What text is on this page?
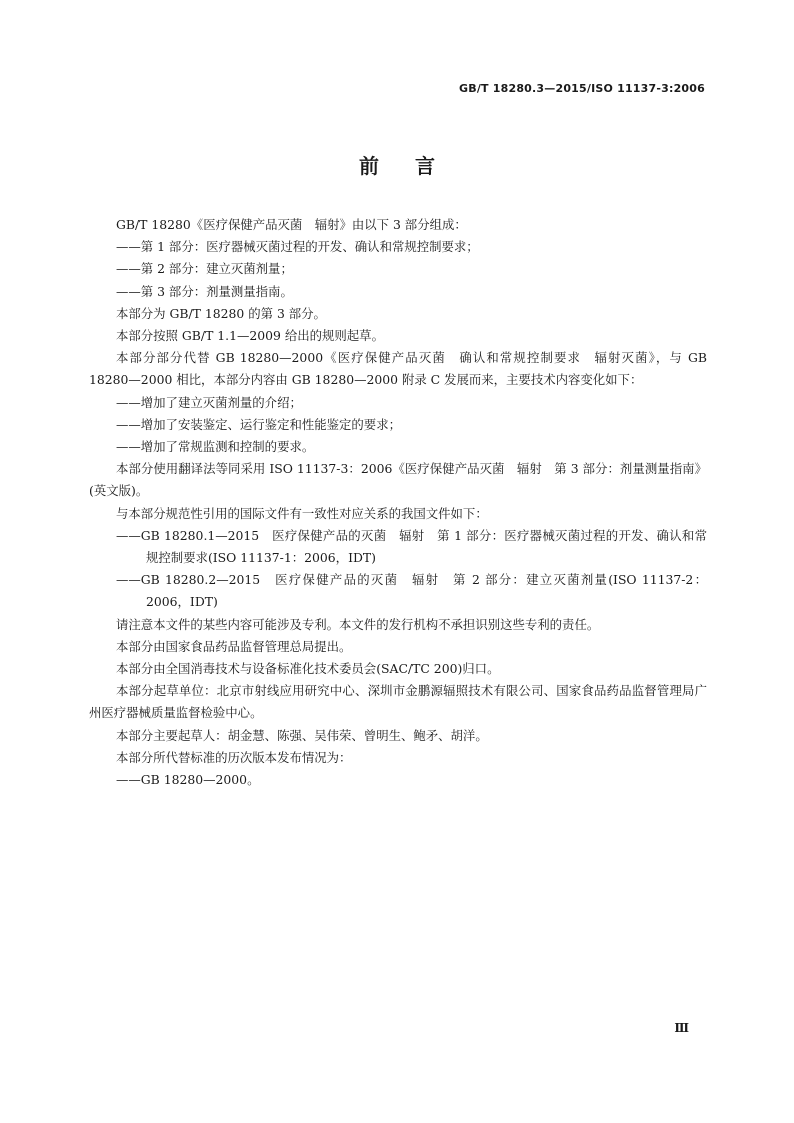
GB/T 18280.3—2015/ISO 11137-3:2006
前言

GB/T 18280《医疗保健产品灭菌　辐射》由以下 3 部分组成：

——第 1 部分：医疗器械灭菌过程的开发、确认和常规控制要求；

——第 2 部分：建立灭菌剂量；

——第 3 部分：剂量测量指南。

本部分为 GB/T 18280 的第 3 部分。

本部分按照 GB/T 1.1—2009 给出的规则起草。

本部分部分代替 GB 18280—2000《医疗保健产品灭菌　确认和常规控制要求　辐射灭菌》，与 GB 18280—2000 相比，本部分内容由 GB 18280—2000 附录 C 发展而来，主要技术内容变化如下：

——增加了建立灭菌剂量的介绍；

——增加了安装鉴定、运行鉴定和性能鉴定的要求；

——增加了常规监测和控制的要求。

本部分使用翻译法等同采用 ISO 11137-3：2006《医疗保健产品灭菌　辐射　第 3 部分：剂量测量指南》(英文版)。

与本部分规范性引用的国际文件有一致性对应关系的我国文件如下：

——GB 18280.1—2015　医疗保健产品的灭菌　辐射　第 1 部分：医疗器械灭菌过程的开发、确认和常规控制要求(ISO 11137-1：2006，IDT)

——GB 18280.2—2015　医疗保健产品的灭菌　辐射　第 2 部分：建立灭菌剂量(ISO 11137-2：2006，IDT)

请注意本文件的某些内容可能涉及专利。本文件的发行机构不承担识别这些专利的责任。

本部分由国家食品药品监督管理总局提出。

本部分由全国消毒技术与设备标准化技术委员会(SAC/TC 200)归口。

本部分起草单位：北京市射线应用研究中心、深圳市金鹏源辐照技术有限公司、国家食品药品监督管理局广州医疗器械质量监督检验中心。

本部分主要起草人：胡金慧、陈强、吴伟荣、曾明生、鲍矛、胡洋。

本部分所代替标准的历次版本发布情况为：

——GB 18280—2000。

Ⅲ
